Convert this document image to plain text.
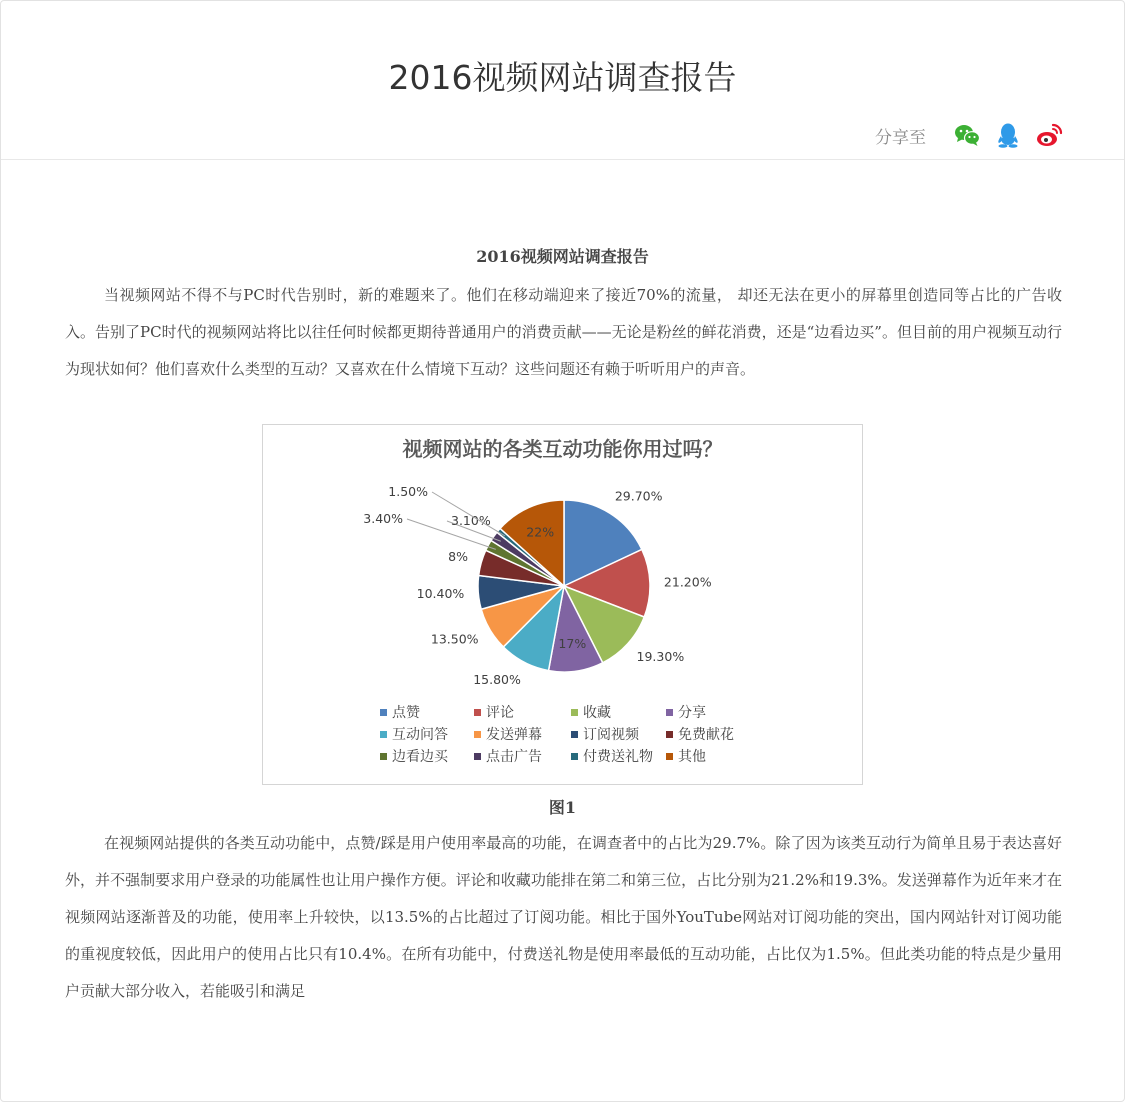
2016视频网站调查报告
分享至
2016视频网站调查报告

当视频网站不得不与PC时代告别时，新的难题来了。他们在移动端迎来了接近70%的流量， 却还无法在更小的屏幕里创造同等占比的广告收入。告别了PC时代的视频网站将比以往任何时候都更期待普通用户的消费贡献——无论是粉丝的鲜花消费，还是“边看边买”。但目前的用户视频互动行为现状如何？他们喜欢什么类型的互动？又喜欢在什么情境下互动？这些问题还有赖于听听用户的声音。

视频网站的各类互动功能你用过吗？
29.70%
21.20%
19.30%
17%
15.80%
13.50%
10.40%
8%
3.40%	3.10%
1.50%
22%
点赞	评论	收藏	分享
互动问答	发送弹幕	订阅视频	免费献花
边看边买	点击广告	付费送礼物 其他
图1

在视频网站提供的各类互动功能中，点赞/踩是用户使用率最高的功能，在调查者中的占比为29.7%。除了因为该类互动行为简单且易于表达喜好外，并不强制要求用户登录的功能属性也让用户操作方便。评论和收藏功能排在第二和第三位，占比分别为21.2%和19.3%。发送弹幕作为近年来才在视频网站逐渐普及的功能，使用率上升较快，以13.5%的占比超过了订阅功能。相比于国外YouTube网站对订阅功能的突出，国内网站针对订阅功能的重视度较低，因此用户的使用占比只有10.4%。在所有功能中，付费送礼物是使用率最低的互动功能，占比仅为1.5%。但此类功能的特点是少量用户贡献大部分收入，若能吸引和满足
